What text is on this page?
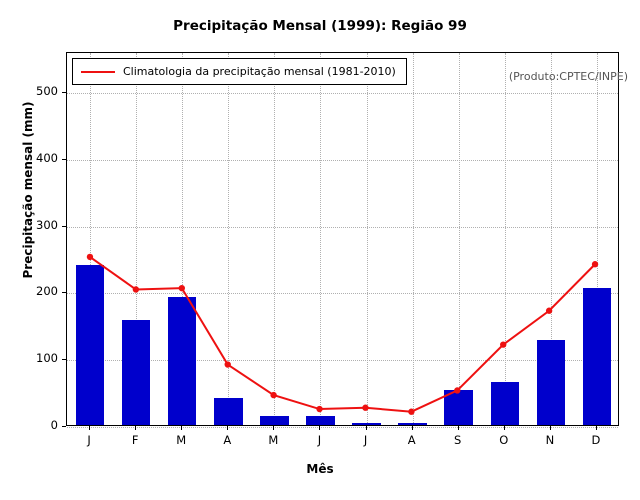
Precipitação Mensal (1999): Região 99
0
100
200
300
400
500
J	F	M	A	M	J	J	A	S	O	N	D
Precipitação mensal (mm)
Mês
Climatologia da precipitação mensal (1981-2010)	(Produto:CPTEC/INPE)
